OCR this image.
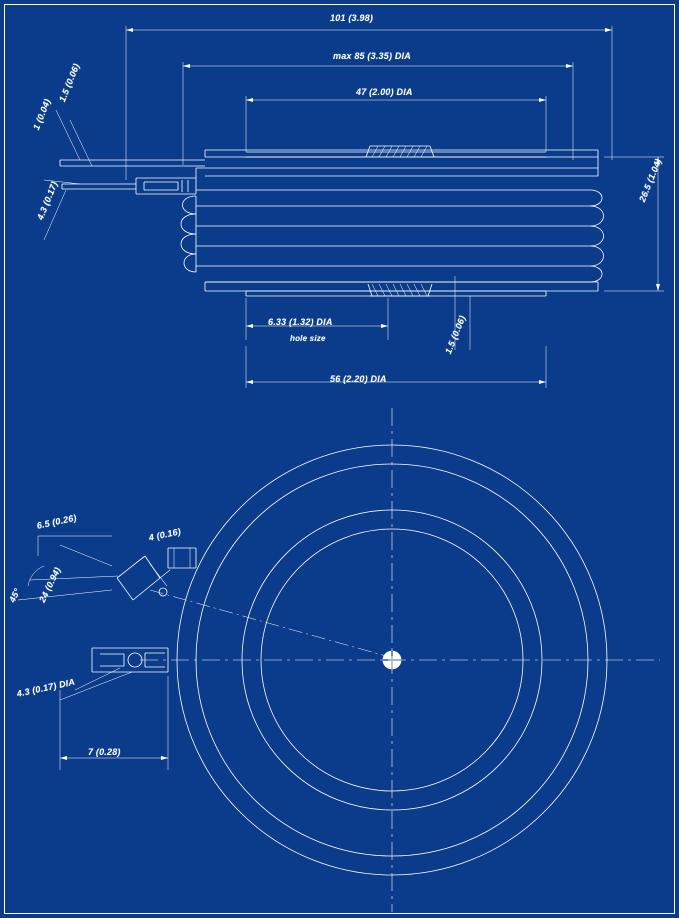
101 (3.98)
max 85 (3.35) DIA
47 (2.00) DIA
1 (0.04)
1.5 (0.06)
4.3 (0.17)	26.5 (1.04)
6.33 (1.32) DIA
hole size	1.5 (0.06)
56 (2.20) DIA
6.5 (0.26)
4 (0.16)
24 (0.94)
45°
4.3 (0.17) DIA
7 (0.28)
